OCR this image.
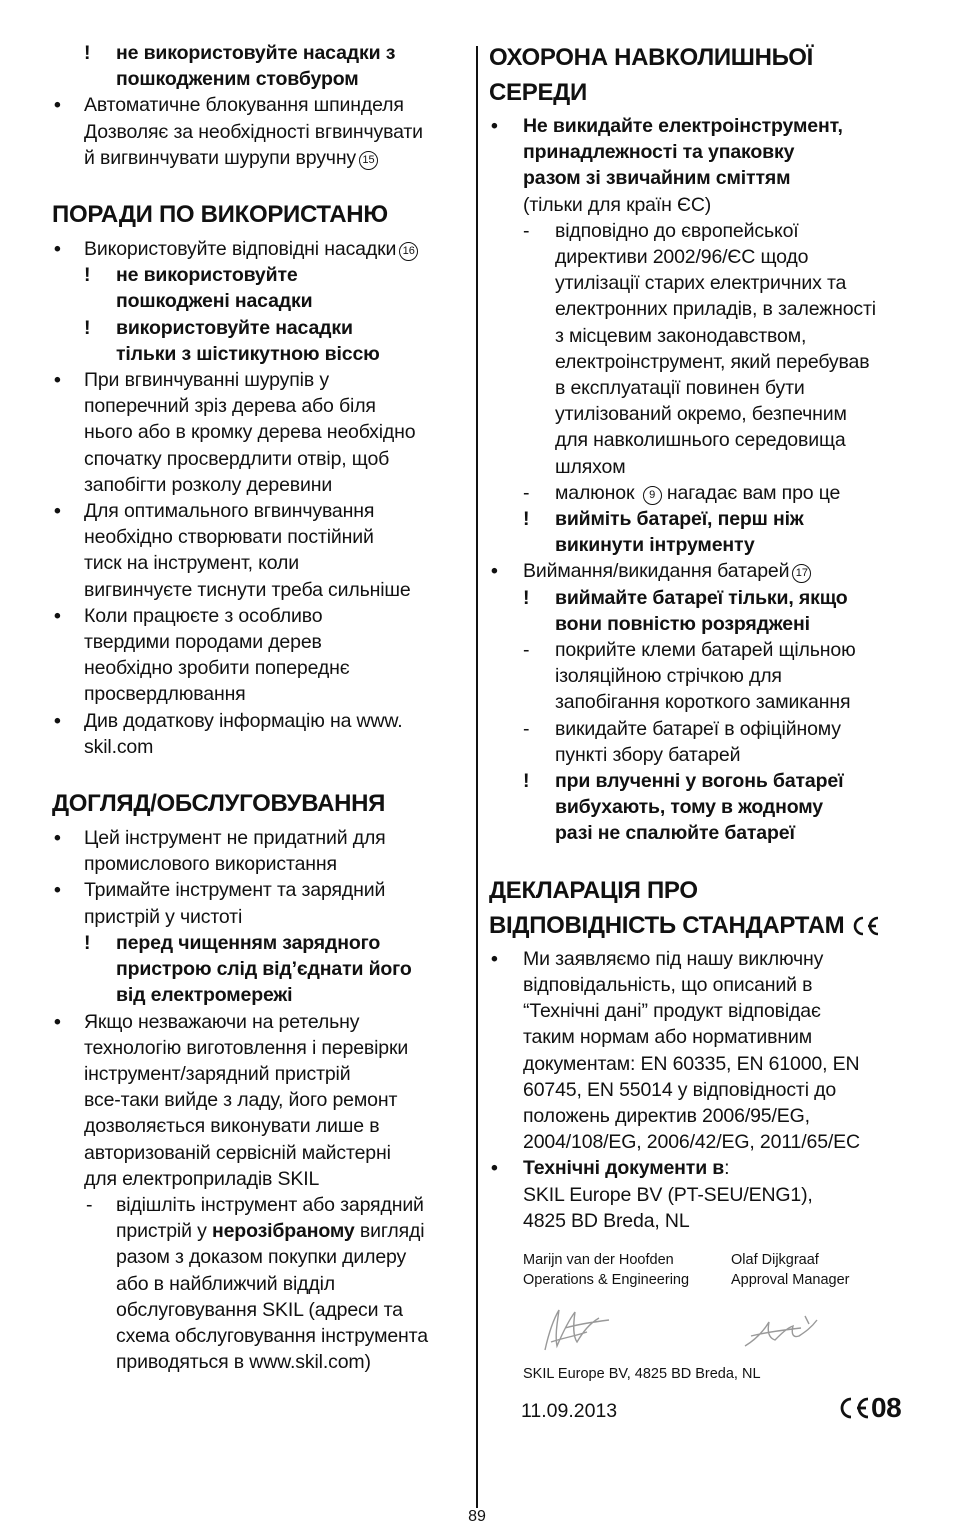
! не використовуйте насадки з
пошкодженим стовбуром
• Автоматичне блокування шпинделя
Дозволяє за необхідності вгвинчувати
й вигвинчувати шурупи вручну 15
ПОРАДИ ПО ВИКОРИСТАНЮ
• Використовуйте відповідні насадки 16
! не використовуйте
пошкоджені насадки
! використовуйте насадки
тільки з шістикутною віссю
• При вгвинчуванні шурупів у
поперечний зріз дерева або біля
нього або в кромку дерева необхідно
спочатку просвердлити отвір, щоб
запобігти розколу деревини
• Для оптимального вгвинчування
необхідно створювати постійний
тиск на інструмент, коли
вигвинчуєте тиснути треба сильніше
• Коли працюєте з особливо
твердими породами дерев
необхідно зробити попереднє
просвердлювання
• Див додаткову інформацію на www.
skil.com
ДОГЛЯД/ОБСЛУГОВУВАННЯ
• Цей інструмент не придатний для
промислового використання
• Тримайте інструмент та зарядний
пристрій у чистоті
! перед чищенням зарядного
пристрою слід від’єднати його
від електромережі
• Якщо незважаючи на ретельну
технологію виготовлення і перевірки
інструмент/зарядний пристрій
все-таки вийде з ладу, його ремонт
дозволяється виконувати лише в
авторизованій сервісній майстерні
для електроприладів SKIL
- відішліть інструмент або зарядний
пристрій у нерозібраному вигляді
разом з доказом покупки дилеру
або в найближчий відділ
обслуговування SKIL (адреси та
схема обслуговування інструмента
приводяться в www.skil.com)
ОХОРОНА НАВКОЛИШНЬОЇ
СЕРЕДИ
• Не викидайте електроінструмент,
принадлежності та упаковку
разом зі звичайним сміттям
(тільки для країн ЄС)
- відповідно до європейської
директиви 2002/96/ЄС щодо
утилізації старих електричних та
електронних приладів, в залежності
з місцевим законодавством,
електроінструмент, який перебував
в експлуатації повинен бути
утилізований окремо, безпечним
для навколишнього середовища
шляхом
- малюнок 9 нагадає вам про це
! вийміть батареї, перш ніж
викинути інтрументу
• Виймання/викидання батарей 17
! виймайте батареї тільки, якщо
вони повністю розряджені
- покрийте клеми батарей щільною
ізоляційною стрічкою для
запобігання короткого замикання
- викидайте батареї в офіційному
пункті збору батарей
! при влученні у вогонь батареї
вибухають, тому в жодному
разі не спалюйте батареї
ДЕКЛАРАЦІЯ ПРО
ВІДПОВІДНІСТЬ СТАНДАРТАМ
• Ми заявляємо під нашу виключну
відповідальність, що описаний в
“Технічні дані” продукт відповідає
таким нормам або нормативним
документам: EN 60335, EN 61000, EN
60745, EN 55014 у відповідності до
положень директив 2006/95/EG,
2004/108/EG, 2006/42/EG, 2011/65/EC
• Технічні документи в:
SKIL Europe BV (PT-SEU/ENG1),
4825 BD Breda, NL
Marijn van der Hoofden
Operations & Engineering
Olaf Dijkgraaf
Approval Manager
SKIL Europe BV, 4825 BD Breda, NL
11.09.2013	08
89
